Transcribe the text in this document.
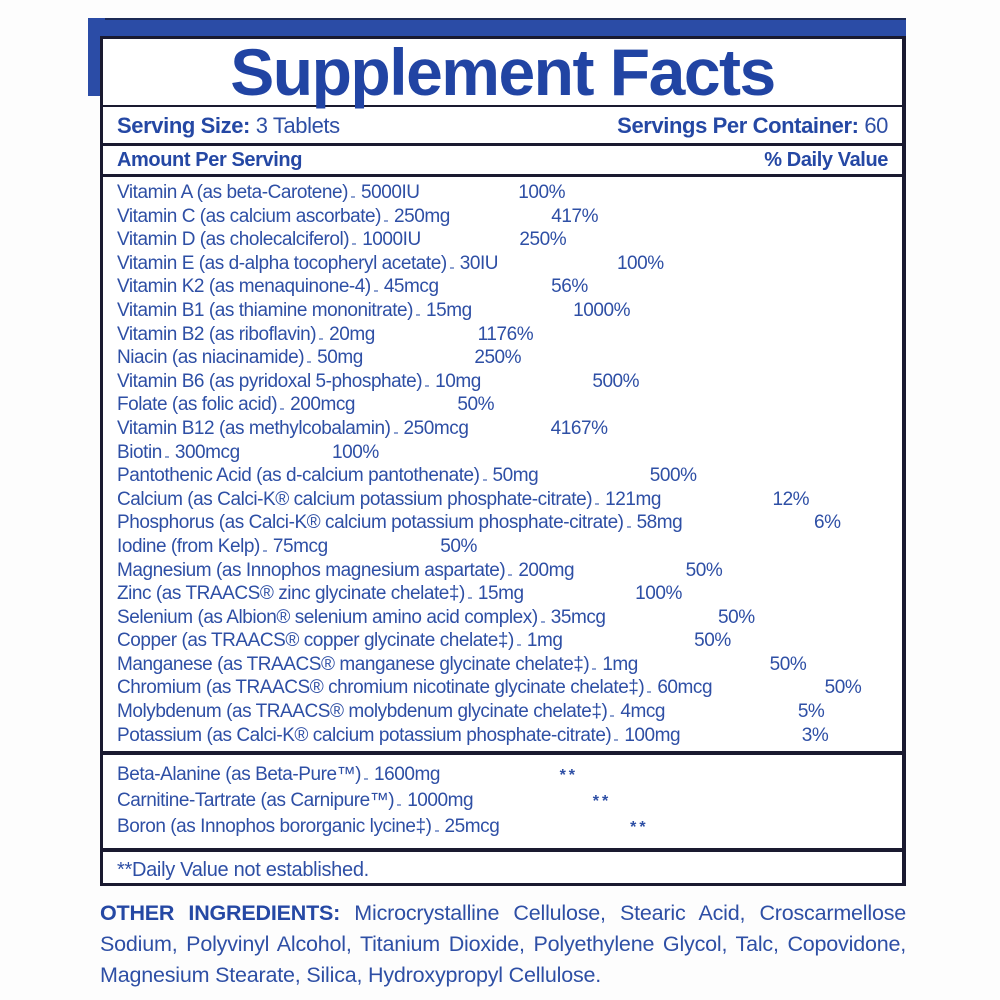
Supplement Facts
Serving Size: 3 Tablets	Servings Per Container: 60
Amount Per Serving	% Daily Value
Vitamin A (as beta-Carotene) 5000IU	100%
Vitamin C (as calcium ascorbate) 250mg	417%
Vitamin D (as cholecalciferol) 1000IU	250%
Vitamin E (as d-alpha tocopheryl acetate) 30IU	100%
Vitamin K2 (as menaquinone-4) 45mcg	56%
Vitamin B1 (as thiamine mononitrate) 15mg	1000%
Vitamin B2 (as riboflavin) 20mg	1176%
Niacin (as niacinamide) 50mg	250%
Vitamin B6 (as pyridoxal 5-phosphate) 10mg	500%
Folate (as folic acid) 200mcg	50%
Vitamin B12 (as methylcobalamin) 250mcg	4167%
Biotin 300mcg	100%
Pantothenic Acid (as d-calcium pantothenate) 50mg	500%
Calcium (as Calci-K® calcium potassium phosphate-citrate) 121mg	12%
Phosphorus (as Calci-K® calcium potassium phosphate-citrate) 58mg	6%
Iodine (from Kelp) 75mcg	50%
Magnesium (as Innophos magnesium aspartate) 200mg	50%
Zinc (as TRAACS® zinc glycinate chelate‡) 15mg	100%
Selenium (as Albion® selenium amino acid complex) 35mcg	50%
Copper (as TRAACS® copper glycinate chelate‡) 1mg	50%
Manganese (as TRAACS® manganese glycinate chelate‡) 1mg	50%
Chromium (as TRAACS® chromium nicotinate glycinate chelate‡) 60mcg	50%
Molybdenum (as TRAACS® molybdenum glycinate chelate‡) 4mcg	5%
Potassium (as Calci-K® calcium potassium phosphate-citrate) 100mg	3%
Beta-Alanine (as Beta-Pure™) 1600mg	**
Carnitine-Tartrate (as Carnipure™) 1000mg	**
Boron (as Innophos bororganic lycine‡) 25mcg	**
**Daily Value not established.
OTHER INGREDIENTS: Microcrystalline Cellulose, Stearic Acid, Croscarmellose Sodium, Polyvinyl Alcohol, Titanium Dioxide, Polyethylene Glycol, Talc, Copovidone, Magnesium Stearate, Silica, Hydroxypropyl Cellulose.
